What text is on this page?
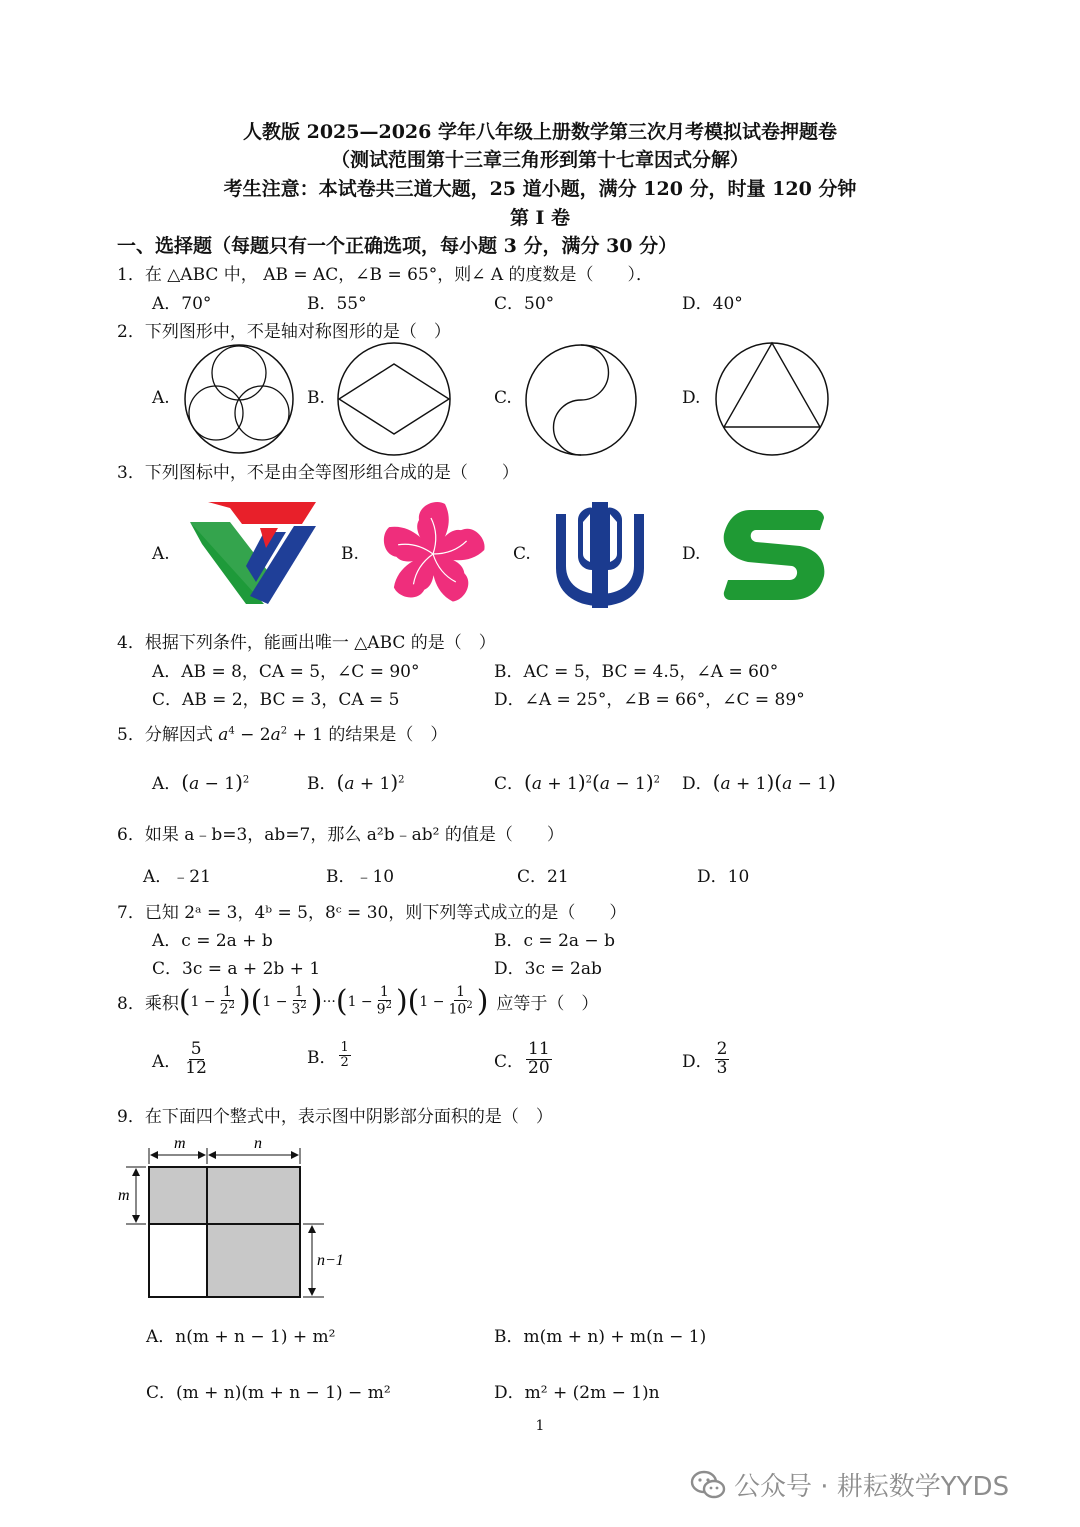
人教版 2025—2026 学年八年级上册数学第三次月考模拟试卷押题卷
（测试范围第十三章三角形到第十七章因式分解）
考生注意：本试卷共三道大题，25 道小题，满分 120 分，时量 120 分钟
第 I 卷
一、选择题（每题只有一个正确选项，每小题 3 分，满分 30 分）
1．在 △ABC 中， AB = AC，∠B = 65°，则∠ A 的度数是（　　）．
A．70°	B．55°	C．50°	D．40°
2．下列图形中，不是轴对称图形的是（　）
A.	B.	C.	D.
3．下列图标中，不是由全等图形组合成的是（　　）
A.	B.	C.	D.
4．根据下列条件，能画出唯一 △ABC 的是（　）
A．AB = 8，CA = 5，∠C = 90°	B．AC = 5，BC = 4.5，∠A = 60°
C．AB = 2，BC = 3，CA = 5	D．∠A = 25°，∠B = 66°，∠C = 89°
5．分解因式 $a^4 - 2a^2 + 1$ 的结果是（　）
A．$(a - 1)^2$	B．$(a + 1)^2$	C．$(a + 1)^2(a - 1)^2$ D．(a + 1)(a − 1)
6．如果 a﹣b=3，ab=7，那么 a²b﹣ab² 的值是（　　）
A．﹣21	B．﹣10	C．21	D．10
7．已知 2ᵃ = 3，4ᵇ = 5，8ᶜ = 30，则下列等式成立的是（　　）
A．c = 2a + b	B．c = 2a − b
C．3c = a + 2b + 1	D．3c = 2ab
8．乘积 ( $1 - \frac{1}{2^2}$ ) ( $1 - \frac{1}{3^2}$ ) ··· ( $1 - \frac{1}{9^2}$ ) ( $1 - \frac{1}{10^2}$ ) 应等于（　）
A． $\frac{5}{12}$	B． $\frac{1}{2}$	C． $\frac{11}{20}$	D． $\frac{2}{3}$
9．在下面四个整式中，表示图中阴影部分面积的是（　）
m	n
m
n−1
A．n(m + n − 1) + m²	B．m(m + n) + m(n − 1)
C．(m + n)(m + n − 1) − m²	D．m² + (2m − 1)n
1
公众号 · 耕耘数学YYDS
